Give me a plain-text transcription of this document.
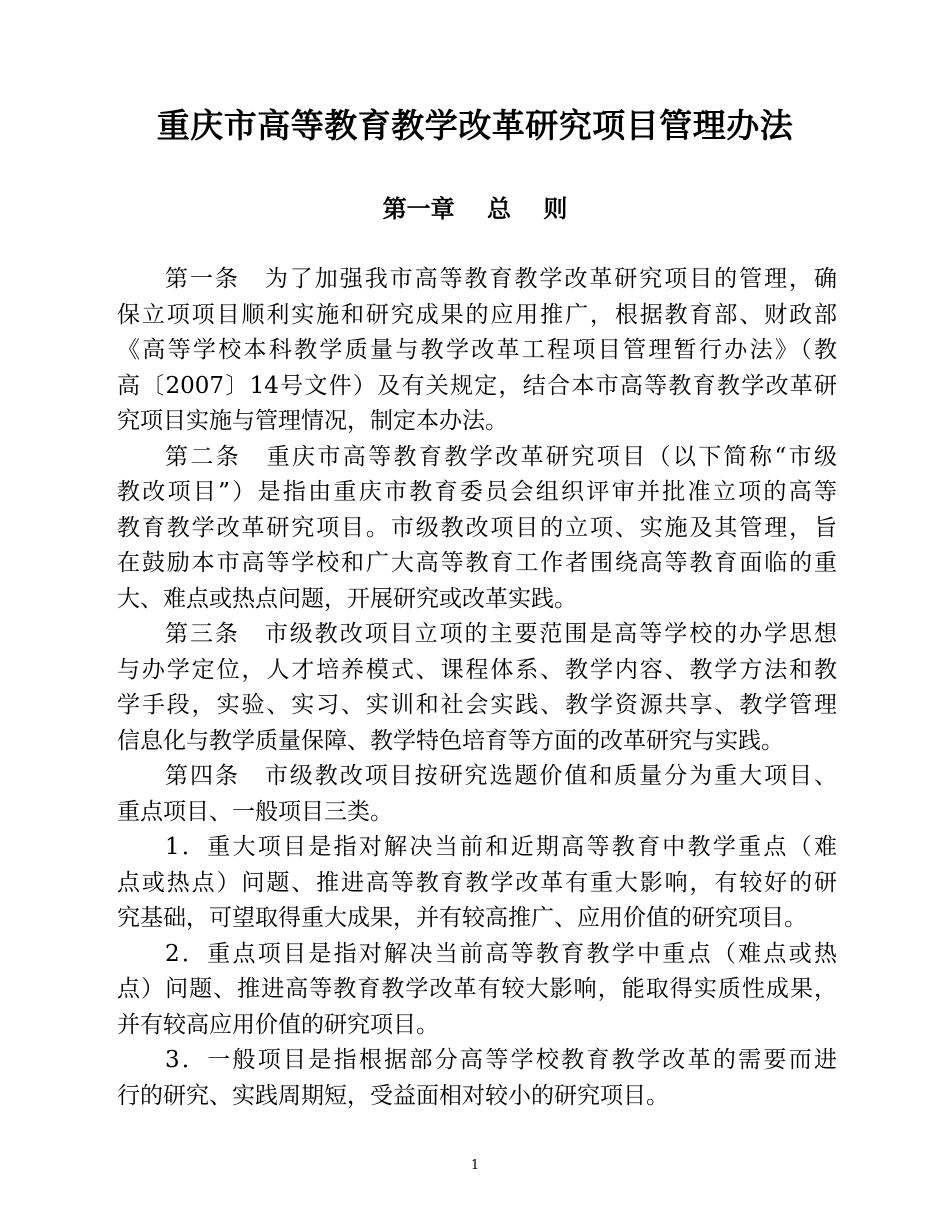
重庆市高等教育教学改革研究项目管理办法
第一章　 总　 则
第一条　为了加强我市高等教育教学改革研究项目的管理，确
保立项项目顺利实施和研究成果的应用推广，根据教育部、财政部
《高等学校本科教学质量与教学改革工程项目管理暂行办法》（教
高〔2007〕14号文件）及有关规定，结合本市高等教育教学改革研
究项目实施与管理情况，制定本办法。
第二条　重庆市高等教育教学改革研究项目（以下简称“市级
教改项目”）是指由重庆市教育委员会组织评审并批准立项的高等
教育教学改革研究项目。市级教改项目的立项、实施及其管理，旨
在鼓励本市高等学校和广大高等教育工作者围绕高等教育面临的重
大、难点或热点问题，开展研究或改革实践。
第三条　市级教改项目立项的主要范围是高等学校的办学思想
与办学定位，人才培养模式、课程体系、教学内容、教学方法和教
学手段，实验、实习、实训和社会实践、教学资源共享、教学管理
信息化与教学质量保障、教学特色培育等方面的改革研究与实践。
第四条　市级教改项目按研究选题价值和质量分为重大项目、
重点项目、一般项目三类。
1．重大项目是指对解决当前和近期高等教育中教学重点（难
点或热点）问题、推进高等教育教学改革有重大影响，有较好的研
究基础，可望取得重大成果，并有较高推广、应用价值的研究项目。
2．重点项目是指对解决当前高等教育教学中重点（难点或热
点）问题、推进高等教育教学改革有较大影响，能取得实质性成果，
并有较高应用价值的研究项目。
3．一般项目是指根据部分高等学校教育教学改革的需要而进
行的研究、实践周期短，受益面相对较小的研究项目。
1
